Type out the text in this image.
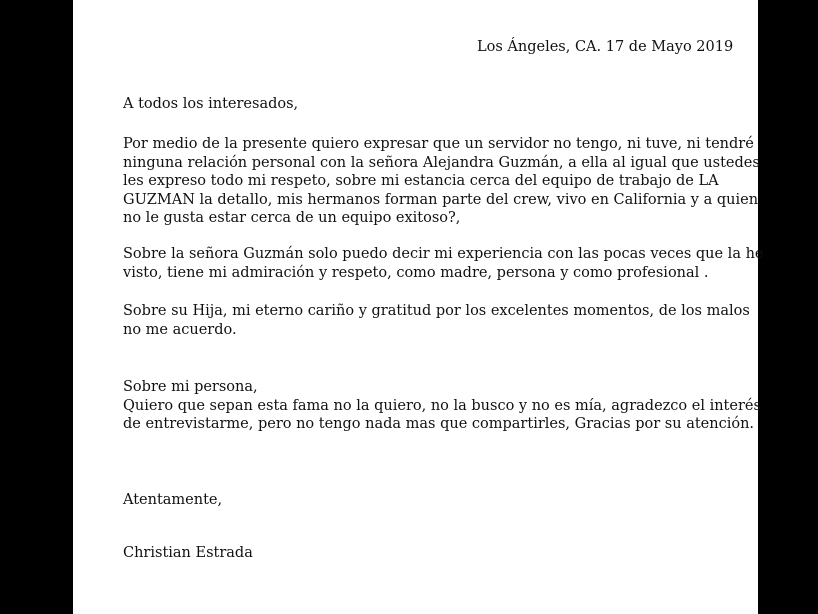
Los Ángeles, CA. 17 de Mayo 2019
A todos los interesados,
Por medio de la presente quiero expresar que un servidor no tengo, ni tuve, ni tendré
ninguna relación personal con la señora Alejandra Guzmán, a ella al igual que ustedes
les expreso todo mi respeto, sobre mi estancia cerca del equipo de trabajo de LA
GUZMAN la detallo, mis hermanos forman parte del crew, vivo en California y a quien
no le gusta estar cerca de un equipo exitoso?,
Sobre la señora Guzmán solo puedo decir mi experiencia con las pocas veces que la he
visto, tiene mi admiración y respeto, como madre, persona y como profesional .
Sobre su Hija, mi eterno cariño y gratitud por los excelentes momentos, de los malos
no me acuerdo.
Sobre mi persona,
Quiero que sepan esta fama no la quiero, no la busco y no es mía, agradezco el interés
de entrevistarme, pero no tengo nada mas que compartirles, Gracias por su atención.
Atentamente,
Christian Estrada
